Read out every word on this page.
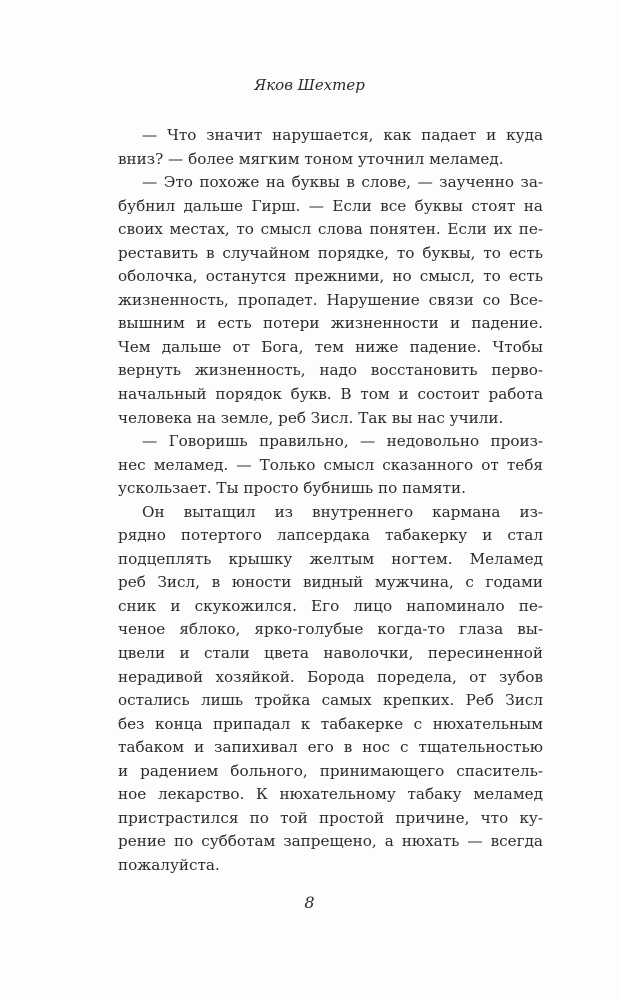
Яков Шехтер
— Что значит нарушается, как падает и куда
вниз? — более мягким тоном уточнил меламед.
— Это похоже на буквы в слове, — заученно за-
бубнил дальше Гирш. — Если все буквы стоят на
своих местах, то смысл слова понятен. Если их пе-
реставить в случайном порядке, то буквы, то есть
оболочка, останутся прежними, но смысл, то есть
жизненность, пропадет. Нарушение связи со Все-
вышним и есть потери жизненности и падение.
Чем дальше от Бога, тем ниже падение. Чтобы
вернуть жизненность, надо восстановить перво-
начальный порядок букв. В том и состоит работа
человека на земле, реб Зисл. Так вы нас учили.
— Говоришь правильно, — недовольно произ-
нес меламед. — Только смысл сказанного от тебя
ускользает. Ты просто бубнишь по памяти.
Он вытащил из внутреннего кармана из-
рядно потертого лапсердака табакерку и стал
подцеплять крышку желтым ногтем. Меламед
реб Зисл, в юности видный мужчина, с годами
сник и скукожился. Его лицо напоминало пе-
ченое яблоко, ярко-голубые когда-то глаза вы-
цвели и стали цвета наволочки, пересиненной
нерадивой хозяйкой. Борода поредела, от зубов
остались лишь тройка самых крепких. Реб Зисл
без конца припадал к табакерке с нюхательным
табаком и запихивал его в нос с тщательностью
и радением больного, принимающего спаситель-
ное лекарство. К нюхательному табаку меламед
пристрастился по той простой причине, что ку-
рение по субботам запрещено, а нюхать — всегда
пожалуйста.
8
